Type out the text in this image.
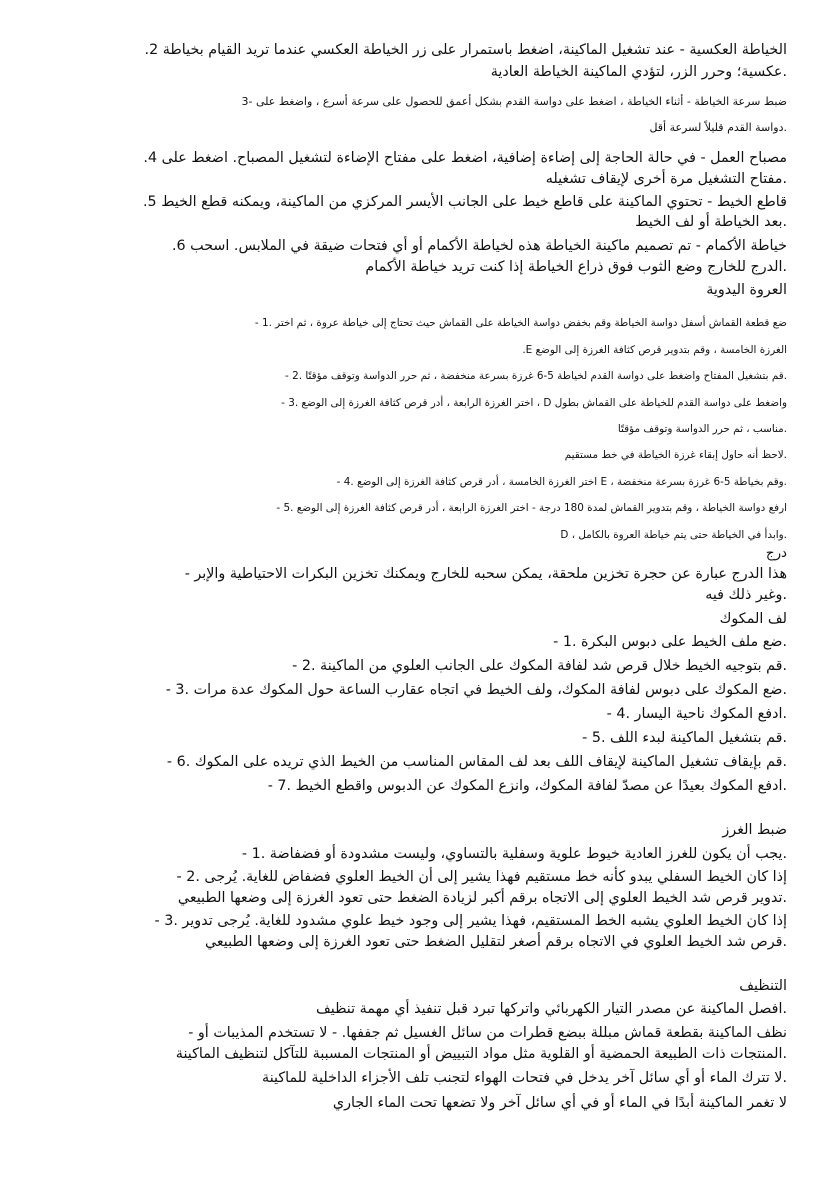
الخياطة العكسية - عند تشغيل الماكينة، اضغط باستمرار على زر الخياطة العكسي عندما تريد القيام بخياطة 2.
.عكسية؛ وحرر الزر، لتؤدي الماكينة الخياطة العادية
ضبط سرعة الخياطة - أثناء الخياطة ، اضغط على دواسة القدم بشكل أعمق للحصول على سرعة أسرع ، واضغط على -3
.دواسة القدم قليلاً لسرعة أقل
مصباح العمل - في حالة الحاجة إلى إضاءة إضافية، اضغط على مفتاح الإضاءة لتشغيل المصباح. اضغط على 4.
.مفتاح التشغيل مرة أخرى لإيقاف تشغيله
قاطع الخيط - تحتوي الماكينة على قاطع خيط على الجانب الأيسر المركزي من الماكينة، ويمكنه قطع الخيط 5.
.بعد الخياطة أو لف الخيط
خياطة الأكمام - تم تصميم ماكينة الخياطة هذه لخياطة الأكمام أو أي فتحات ضيقة في الملابس. اسحب 6.
.الدرج للخارج وضع الثوب فوق ذراع الخياطة إذا كنت تريد خياطة الأكمام
العروة اليدوية
ضع قطعة القماش أسفل دواسة الخياطة وقم بخفض دواسة الخياطة على القماش حيث تحتاج إلى خياطة عروة ، ثم اختر .1 -
.E الغرزة الخامسة ، وقم بتدوير قرص كثافة الغرزة إلى الوضع
.قم بتشغيل المفتاح واضغط على دواسة القدم لخياطة 5-6 غرزة بسرعة منخفضة ، ثم حرر الدواسة وتوقف مؤقتًا .2 -
واضغط على دواسة القدم للخياطة على القماش بطول D ، اختر الغرزة الرابعة ، أدر قرص كثافة الغرزة إلى الوضع .3 -
.مناسب ، ثم حرر الدواسة وتوقف مؤقتًا
.لاحظ أنه حاول إبقاء غرزة الخياطة في خط مستقيم
.وقم بخياطة 5-6 غرزة بسرعة منخفضة ، E اختر الغرزة الخامسة ، أدر قرص كثافة الغرزة إلى الوضع .4 -
ارفع دواسة الخياطة ، وقم بتدوير القماش لمدة 180 درجة - اختر الغرزة الرابعة ، أدر قرص كثافة الغرزة إلى الوضع .5 -
.وابدأ في الخياطة حتى يتم خياطة العروة بالكامل ، D
درج
هذا الدرج عبارة عن حجرة تخزين ملحقة، يمكن سحبه للخارج ويمكنك تخزين البكرات الاحتياطية والإبر -
.وغير ذلك فيه
لف المكوك
.ضع ملف الخيط على دبوس البكرة .1 -
.قم بتوجيه الخيط خلال قرص شد لفافة المكوك على الجانب العلوي من الماكينة .2 -
.ضع المكوك على دبوس لفافة المكوك، ولف الخيط في اتجاه عقارب الساعة حول المكوك عدة مرات .3 -
.ادفع المكوك ناحية اليسار .4 -
.قم بتشغيل الماكينة لبدء اللف .5 -
.قم بإيقاف تشغيل الماكينة لإيقاف اللف بعد لف المقاس المناسب من الخيط الذي تريده على المكوك .6 -
.ادفع المكوك بعيدًا عن مصدّ لفافة المكوك، وانزع المكوك عن الدبوس واقطع الخيط .7 -
ضبط الغرز
.يجب أن يكون للغرز العادية خيوط علوية وسفلية بالتساوي، وليست مشدودة أو فضفاضة .1 -
إذا كان الخيط السفلي يبدو كأنه خط مستقيم فهذا يشير إلى أن الخيط العلوي فضفاض للغاية. يُرجى .2 -
.تدوير قرص شد الخيط العلوي إلى الاتجاه برقم أكبر لزيادة الضغط حتى تعود الغرزة إلى وضعها الطبيعي
إذا كان الخيط العلوي يشبه الخط المستقيم، فهذا يشير إلى وجود خيط علوي مشدود للغاية. يُرجى تدوير .3 -
.قرص شد الخيط العلوي في الاتجاه برقم أصغر لتقليل الضغط حتى تعود الغرزة إلى وضعها الطبيعي
التنظيف
.افصل الماكينة عن مصدر التيار الكهربائي واتركها تبرد قبل تنفيذ أي مهمة تنظيف
نظف الماكينة بقطعة قماش مبللة ببضع قطرات من سائل الغسيل ثم جففها. - لا تستخدم المذيبات أو -
.المنتجات ذات الطبيعة الحمضية أو القلوية مثل مواد التبييض أو المنتجات المسببة للتآكل لتنظيف الماكينة
.لا تترك الماء أو أي سائل آخر يدخل في فتحات الهواء لتجنب تلف الأجزاء الداخلية للماكينة
لا تغمر الماكينة أبدًا في الماء أو في أي سائل آخر ولا تضعها تحت الماء الجاري
